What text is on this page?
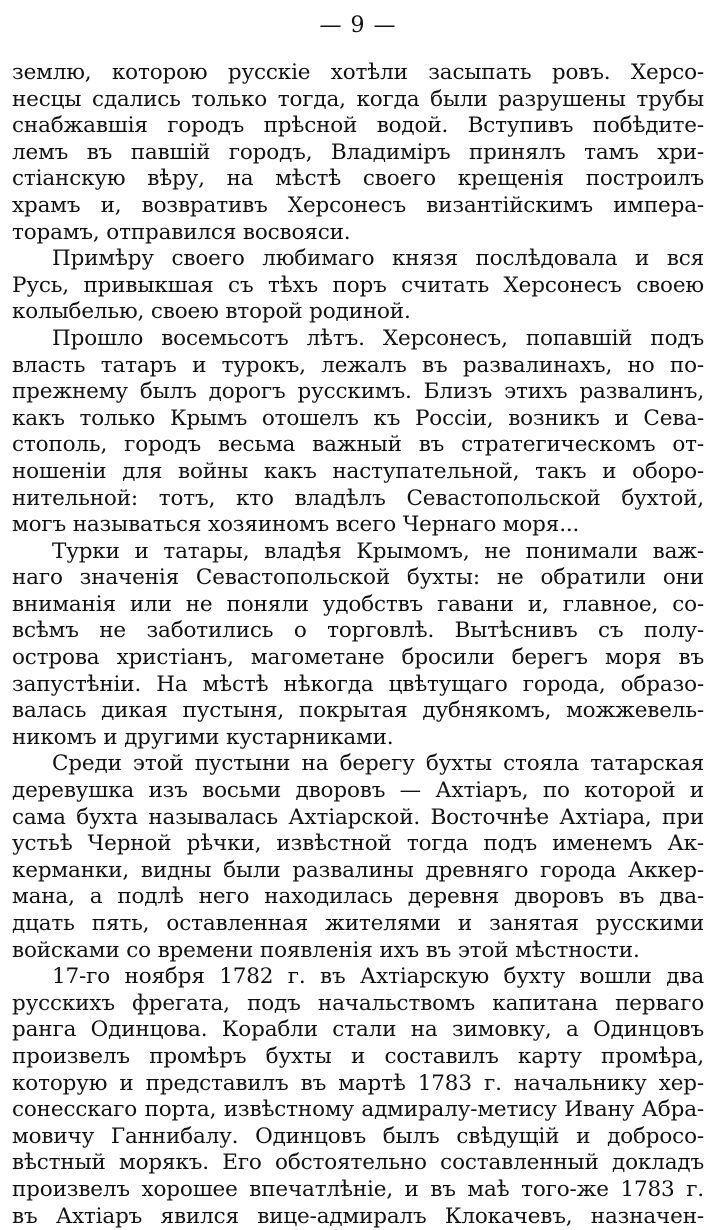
— 9 —
землю, которою русскіе хотѣли засыпать ровъ. Херсо-
несцы сдались только тогда, когда были разрушены трубы
снабжавшія городъ прѣсной водой. Вступивъ побѣдите-
лемъ въ павшій городъ, Владиміръ принялъ тамъ хри-
стіанскую вѣру, на мѣстѣ своего крещенія построилъ
храмъ и, возвративъ Херсонесъ византійскимъ импера-
торамъ, отправился восвояси.
Примѣру своего любимаго князя послѣдовала и вся
Русь, привыкшая съ тѣхъ поръ считать Херсонесъ своею
колыбелью, своею второй родиной.
Прошло восемьсотъ лѣтъ. Херсонесъ, попавшій подъ
власть татаръ и турокъ, лежалъ въ развалинахъ, но по-
прежнему былъ дорогъ русскимъ. Близъ этихъ развалинъ,
какъ только Крымъ отошелъ къ Россіи, возникъ и Сева-
стополь, городъ весьма важный въ стратегическомъ от-
ношеніи для войны какъ наступательной, такъ и оборо-
нительной: тотъ, кто владѣлъ Севастопольской бухтой,
могъ называться хозяиномъ всего Чернаго моря...
Турки и татары, владѣя Крымомъ, не понимали важ-
наго значенія Севастопольской бухты: не обратили они
вниманія или не поняли удобствъ гавани и, главное, со-
всѣмъ не заботились о торговлѣ. Вытѣснивъ съ полу-
острова христіанъ, магометане бросили берегъ моря въ
запустѣніи. На мѣстѣ нѣкогда цвѣтущаго города, образо-
валась дикая пустыня, покрытая дубнякомъ, можжевель-
никомъ и другими кустарниками.
Среди этой пустыни на берегу бухты стояла татарская
деревушка изъ восьми дворовъ — Ахтіаръ, по которой и
сама бухта называлась Ахтіарской. Восточнѣе Ахтіара, при
устьѣ Черной рѣчки, извѣстной тогда подъ именемъ Ак-
керманки, видны были развалины древняго города Аккер-
мана, а подлѣ него находилась деревня дворовъ въ два-
дцать пять, оставленная жителями и занятая русскими
войсками со времени появленія ихъ въ этой мѣстности.
17-го ноября 1782 г. въ Ахтіарскую бухту вошли два
русскихъ фрегата, подъ начальствомъ капитана перваго
ранга Одинцова. Корабли стали на зимовку, а Одинцовъ
произвелъ промѣръ бухты и составилъ карту промѣра,
которую и представилъ въ мартѣ 1783 г. начальнику хер-
сонесскаго порта, извѣстному адмиралу-метису Ивану Абра-
мовичу Ганнибалу. Одинцовъ былъ свѣдущій и добросо-
вѣстный морякъ. Его обстоятельно составленный докладъ
произвелъ хорошее впечатлѣніе, и въ маѣ того-же 1783 г.
въ Ахтіаръ явился вице-адмиралъ Клокачевъ, назначен-
